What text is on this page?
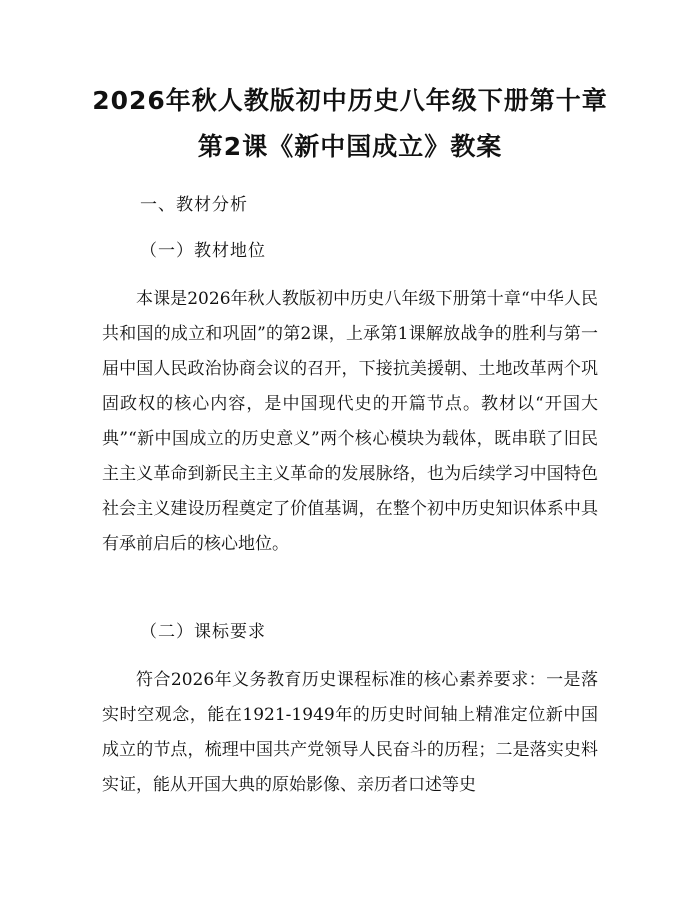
2026年秋人教版初中历史八年级下册第十章
第2课《新中国成立》教案
一、教材分析
（一）教材地位

本课是2026年秋人教版初中历史八年级下册第十章“中华人民共和国的成立和巩固”的第2课，上承第1课解放战争的胜利与第一届中国人民政治协商会议的召开，下接抗美援朝、土地改革两个巩固政权的核心内容，是中国现代史的开篇节点。教材以“开国大典”“新中国成立的历史意义”两个核心模块为载体，既串联了旧民主主义革命到新民主主义革命的发展脉络，也为后续学习中国特色社会主义建设历程奠定了价值基调，在整个初中历史知识体系中具有承前启后的核心地位。

（二）课标要求

符合2026年义务教育历史课程标准的核心素养要求：一是落实时空观念，能在1921-1949年的历史时间轴上精准定位新中国成立的节点，梳理中国共产党领导人民奋斗的历程；二是落实史料实证，能从开国大典的原始影像、亲历者口述等史
